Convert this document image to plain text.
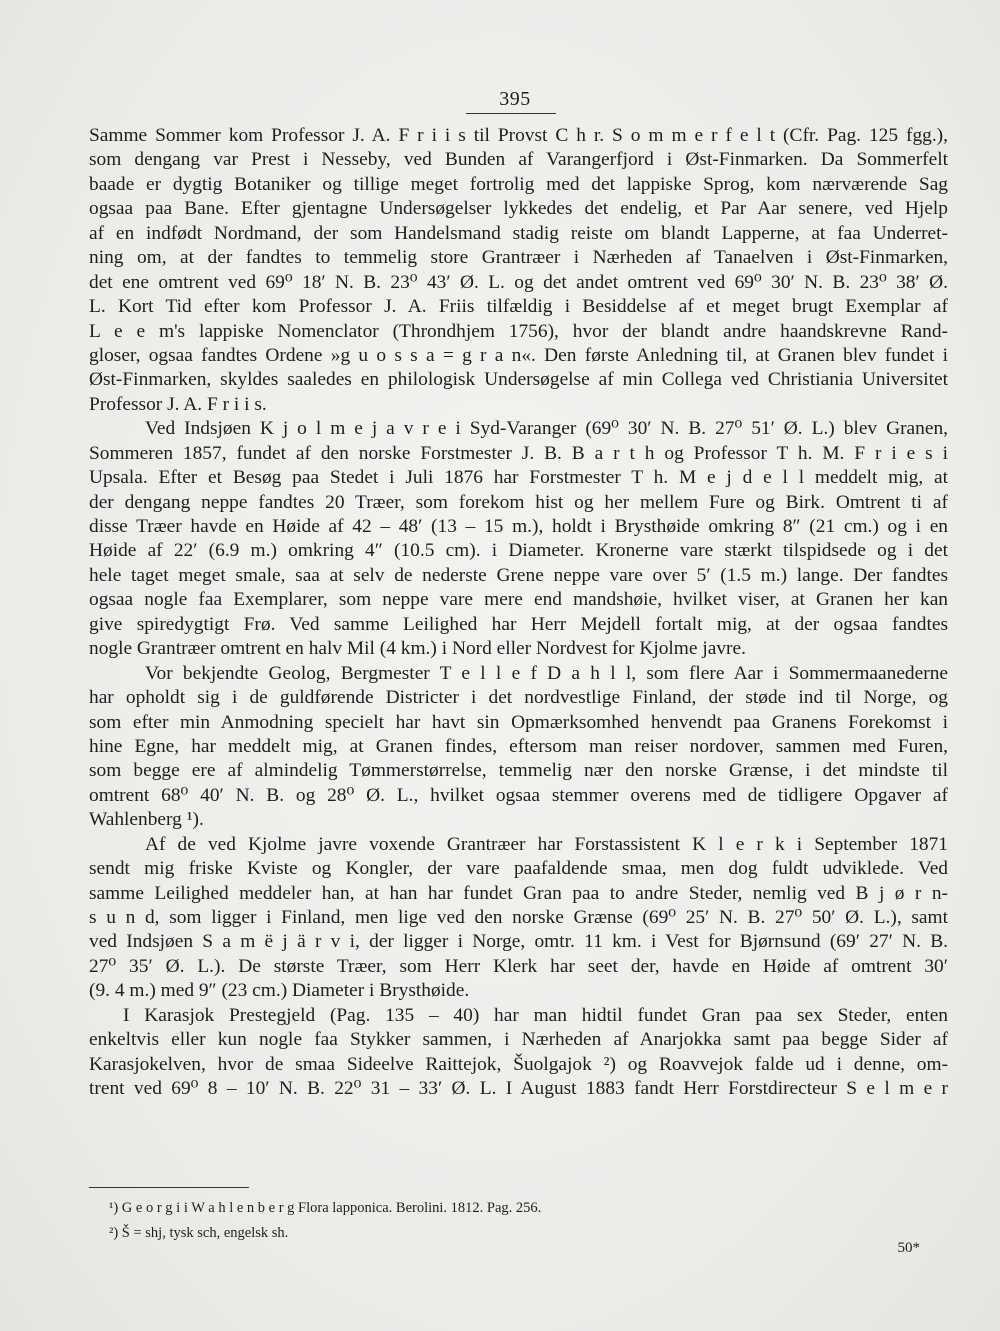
395
Samme Sommer kom Professor J. A. F r i i s til Provst C h r. S o m m e r f e l t (Cfr. Pag. 125 fgg.),
som dengang var Prest i Nesseby, ved Bunden af Varangerfjord i Øst-Finmarken. Da Sommerfelt
baade er dygtig Botaniker og tillige meget fortrolig med det lappiske Sprog, kom nærværende Sag
ogsaa paa Bane. Efter gjentagne Undersøgelser lykkedes det endelig, et Par Aar senere, ved Hjelp
af en indfødt Nordmand, der som Handelsmand stadig reiste om blandt Lapperne, at faa Underret-
ning om, at der fandtes to temmelig store Grantræer i Nærheden af Tanaelven i Øst-Finmarken,
det ene omtrent ved 69⁰ 18′ N. B. 23⁰ 43′ Ø. L. og det andet omtrent ved 69⁰ 30′ N. B. 23⁰ 38′ Ø.
L. Kort Tid efter kom Professor J. A. Friis tilfældig i Besiddelse af et meget brugt Exemplar af
L e e m's lappiske Nomenclator (Throndhjem 1756), hvor der blandt andre haandskrevne Rand-
gloser, ogsaa fandtes Ordene »g u o s s a = g r a n«. Den første Anledning til, at Granen blev fundet i
Øst-Finmarken, skyldes saaledes en philologisk Undersøgelse af min Collega ved Christiania Universitet
Professor J. A. F r i i s.
Ved Indsjøen K j o l m e j a v r e i Syd-Varanger (69⁰ 30′ N. B. 27⁰ 51′ Ø. L.) blev Granen,
Sommeren 1857, fundet af den norske Forstmester J. B. B a r t h og Professor T h. M. F r i e s i
Upsala. Efter et Besøg paa Stedet i Juli 1876 har Forstmester T h. M e j d e l l meddelt mig, at
der dengang neppe fandtes 20 Træer, som forekom hist og her mellem Fure og Birk. Omtrent ti af
disse Træer havde en Høide af 42 – 48′ (13 – 15 m.), holdt i Brysthøide omkring 8″ (21 cm.) og i en
Høide af 22′ (6.9 m.) omkring 4″ (10.5 cm). i Diameter. Kronerne vare stærkt tilspidsede og i det
hele taget meget smale, saa at selv de nederste Grene neppe vare over 5′ (1.5 m.) lange. Der fandtes
ogsaa nogle faa Exemplarer, som neppe vare mere end mandshøie, hvilket viser, at Granen her kan
give spiredygtigt Frø. Ved samme Leilighed har Herr Mejdell fortalt mig, at der ogsaa fandtes
nogle Grantræer omtrent en halv Mil (4 km.) i Nord eller Nordvest for Kjolme javre.
Vor bekjendte Geolog, Bergmester T e l l e f D a h l l, som flere Aar i Sommermaanederne
har opholdt sig i de guldførende Districter i det nordvestlige Finland, der støde ind til Norge, og
som efter min Anmodning specielt har havt sin Opmærksomhed henvendt paa Granens Forekomst i
hine Egne, har meddelt mig, at Granen findes, eftersom man reiser nordover, sammen med Furen,
som begge ere af almindelig Tømmerstørrelse, temmelig nær den norske Grænse, i det mindste til
omtrent 68⁰ 40′ N. B. og 28⁰ Ø. L., hvilket ogsaa stemmer overens med de tidligere Opgaver af
Wahlenberg ¹).
Af de ved Kjolme javre voxende Grantræer har Forstassistent K l e r k i September 1871
sendt mig friske Kviste og Kongler, der vare paafaldende smaa, men dog fuldt udviklede. Ved
samme Leilighed meddeler han, at han har fundet Gran paa to andre Steder, nemlig ved B j ø r n-
s u n d, som ligger i Finland, men lige ved den norske Grænse (69⁰ 25′ N. B. 27⁰ 50′ Ø. L.), samt
ved Indsjøen S a m ë j ä r v i, der ligger i Norge, omtr. 11 km. i Vest for Bjørnsund (69′ 27′ N. B.
27⁰ 35′ Ø. L.). De største Træer, som Herr Klerk har seet der, havde en Høide af omtrent 30′
(9. 4 m.) med 9″ (23 cm.) Diameter i Brysthøide.
I Karasjok Prestegjeld (Pag. 135 – 40) har man hidtil fundet Gran paa sex Steder, enten
enkeltvis eller kun nogle faa Stykker sammen, i Nærheden af Anarjokka samt paa begge Sider af
Karasjokelven, hvor de smaa Sideelve Raittejok, Šuolgajok ²) og Roavvejok falde ud i denne, om-
trent ved 69⁰ 8 – 10′ N. B. 22⁰ 31 – 33′ Ø. L. I August 1883 fandt Herr Forstdirecteur S e l m e r
¹) G e o r g i i W a h l e n b e r g Flora lapponica. Berolini. 1812. Pag. 256.
²) Š = shj, tysk sch, engelsk sh.
50*
